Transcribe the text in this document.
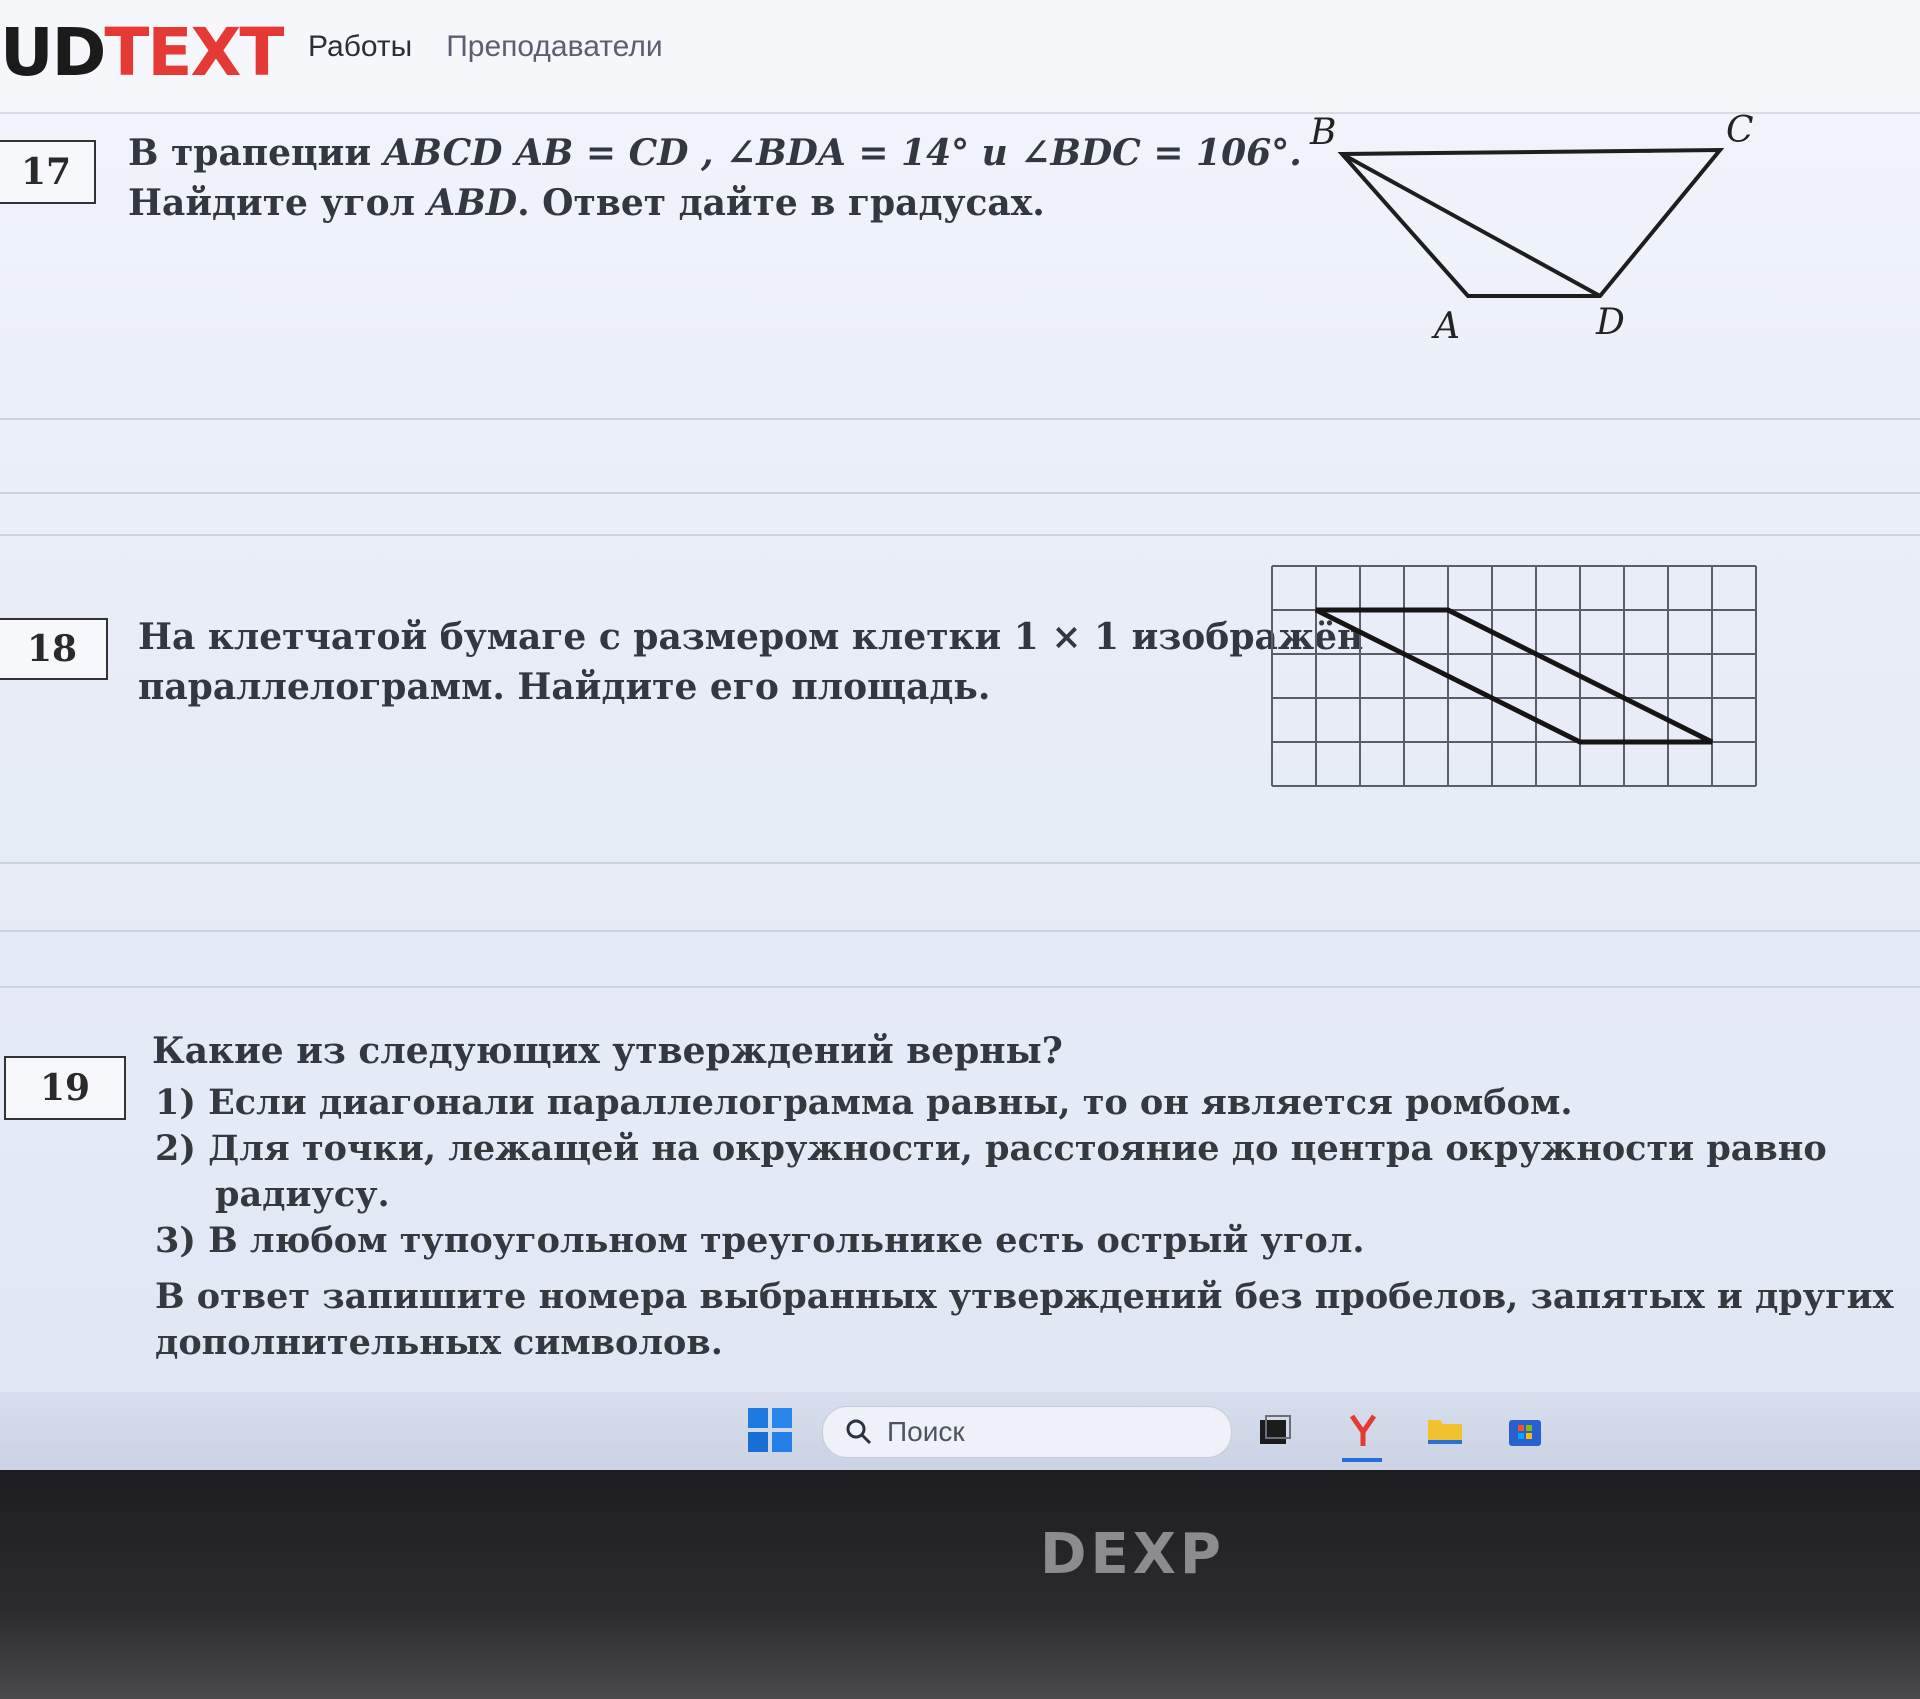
UDTEXT Работы Преподаватели
17	В трапеции ABCD AB = CD , ∠BDA = 14° и ∠BDC = 106°.
Найдите угол ABD. Ответ дайте в градусах.
B	C
A	D
18	На клетчатой бумаге с размером клетки 1 × 1 изображён
параллелограмм. Найдите его площадь.
19
Какие из следующих утверждений верны?
1) Если диагонали параллелограмма равны, то он является ромбом.
2) Для точки, лежащей на окружности, расстояние до центра окружности равно
радиусу.
3) В любом тупоугольном треугольнике есть острый угол.
В ответ запишите номера выбранных утверждений без пробелов, запятых и других
дополнительных символов.
Поиск
DEXP
